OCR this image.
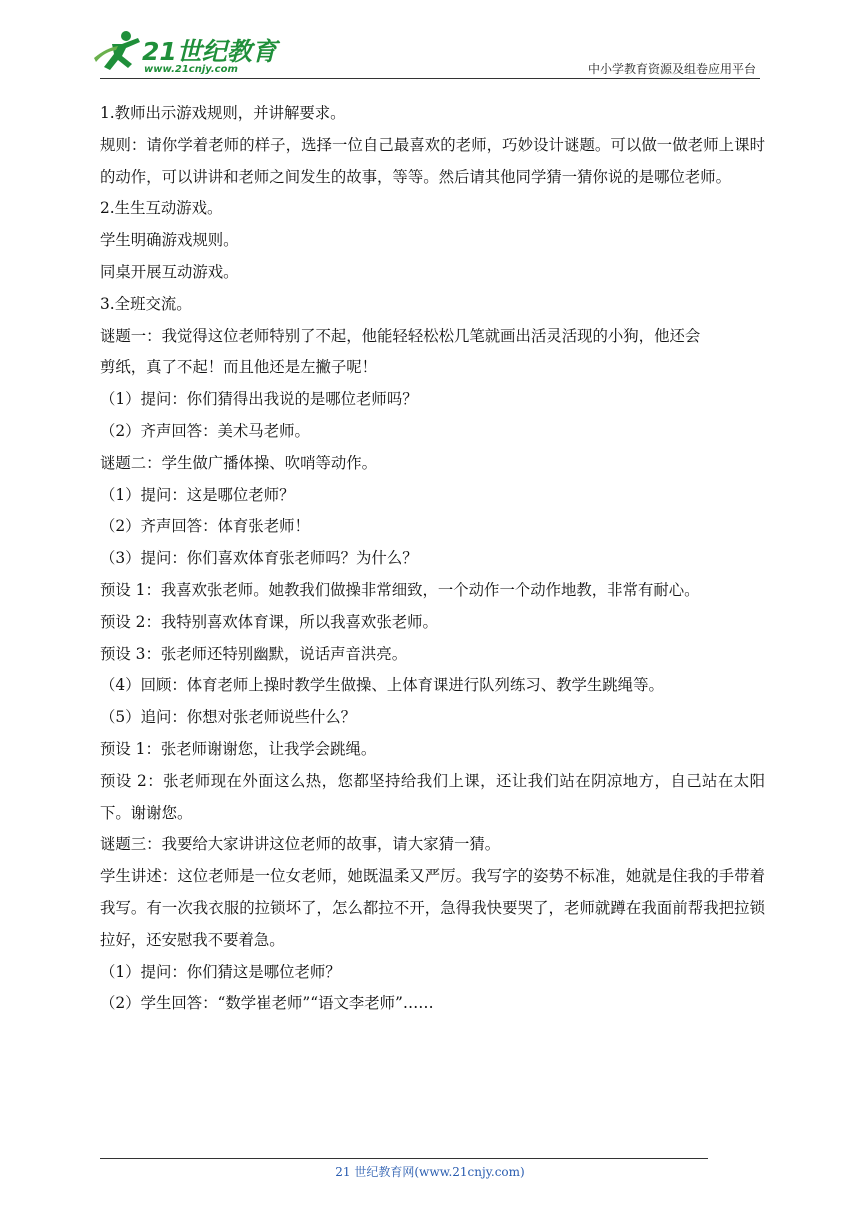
21世纪教育
www.21cnjy.com	中小学教育资源及组卷应用平台

1.教师出示游戏规则，并讲解要求。

规则：请你学着老师的样子，选择一位自己最喜欢的老师，巧妙设计谜题。可以做一做老师上课时的动作，可以讲讲和老师之间发生的故事，等等。然后请其他同学猜一猜你说的是哪位老师。

2.生生互动游戏。

学生明确游戏规则。

同桌开展互动游戏。

3.全班交流。

谜题一：我觉得这位老师特别了不起，他能轻轻松松几笔就画出活灵活现的小狗，他还会

剪纸，真了不起！而且他还是左撇子呢！

（1）提问：你们猜得出我说的是哪位老师吗？

（2）齐声回答：美术马老师。

谜题二：学生做广播体操、吹哨等动作。

（1）提问：这是哪位老师？

（2）齐声回答：体育张老师！

（3）提问：你们喜欢体育张老师吗？为什么？

预设 1：我喜欢张老师。她教我们做操非常细致，一个动作一个动作地教，非常有耐心。

预设 2：我特别喜欢体育课，所以我喜欢张老师。

预设 3：张老师还特别幽默，说话声音洪亮。

（4）回顾：体育老师上操时教学生做操、上体育课进行队列练习、教学生跳绳等。

（5）追问：你想对张老师说些什么？

预设 1：张老师谢谢您，让我学会跳绳。

预设 2：张老师现在外面这么热，您都坚持给我们上课，还让我们站在阴凉地方，自己站在太阳下。谢谢您。

谜题三：我要给大家讲讲这位老师的故事，请大家猜一猜。

学生讲述：这位老师是一位女老师，她既温柔又严厉。我写字的姿势不标准，她就是住我的手带着我写。有一次我衣服的拉锁坏了，怎么都拉不开，急得我快要哭了，老师就蹲在我面前帮我把拉锁拉好，还安慰我不要着急。

（1）提问：你们猜这是哪位老师？

（2）学生回答：“数学崔老师”“语文李老师”……

21 世纪教育网(www.21cnjy.com)
